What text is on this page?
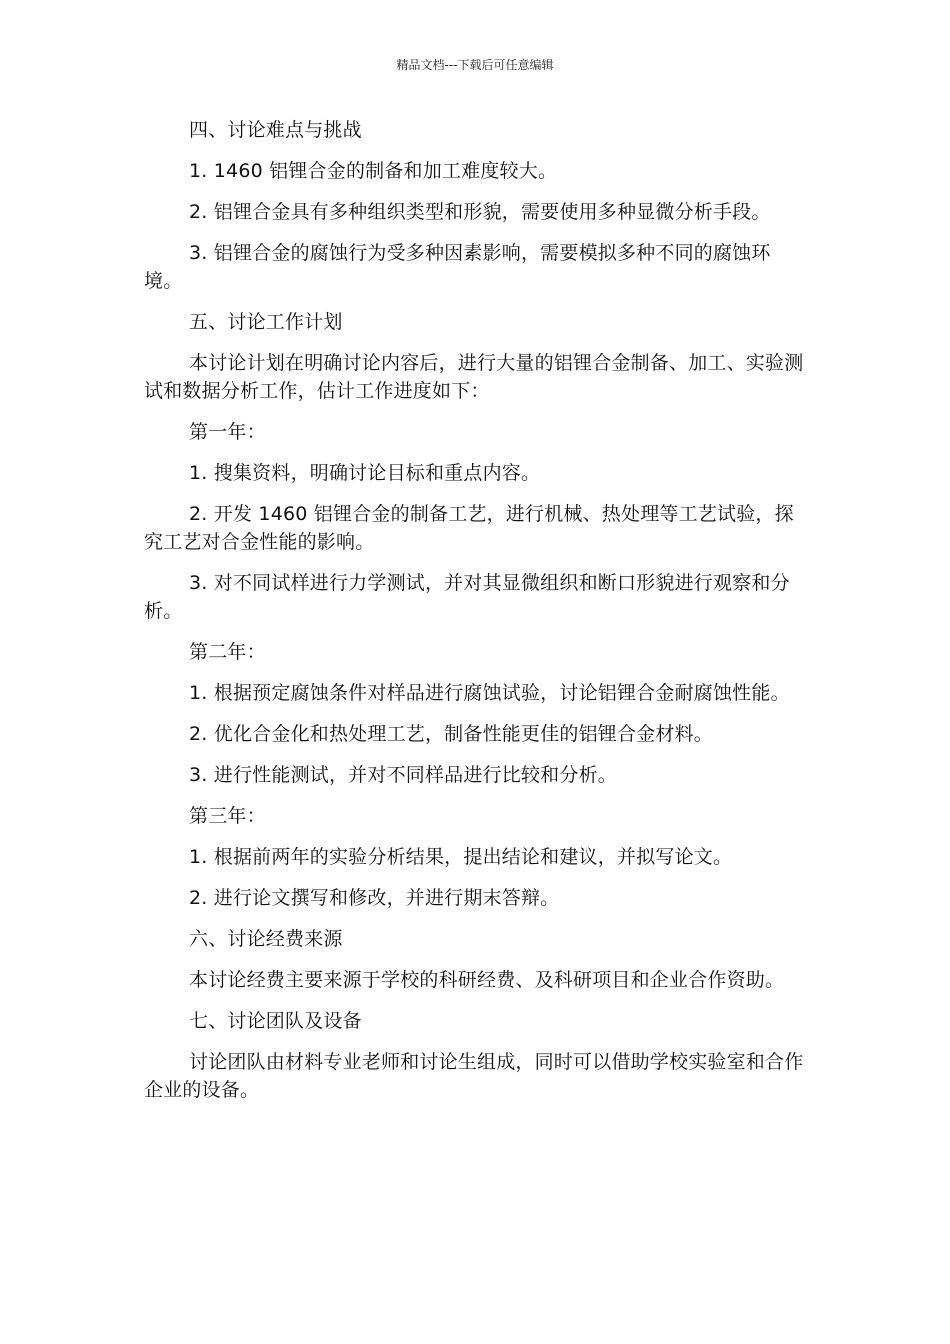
精品文档---下载后可任意编辑

四、讨论难点与挑战

1. 1460 铝锂合金的制备和加工难度较大。

2. 铝锂合金具有多种组织类型和形貌，需要使用多种显微分析手段。

3. 铝锂合金的腐蚀行为受多种因素影响，需要模拟多种不同的腐蚀环境。

五、讨论工作计划

本讨论计划在明确讨论内容后，进行大量的铝锂合金制备、加工、实验测试和数据分析工作，估计工作进度如下：

第一年：

1. 搜集资料，明确讨论目标和重点内容。

2. 开发 1460 铝锂合金的制备工艺，进行机械、热处理等工艺试验，探究工艺对合金性能的影响。

3. 对不同试样进行力学测试，并对其显微组织和断口形貌进行观察和分析。

第二年：

1. 根据预定腐蚀条件对样品进行腐蚀试验，讨论铝锂合金耐腐蚀性能。

2. 优化合金化和热处理工艺，制备性能更佳的铝锂合金材料。

3. 进行性能测试，并对不同样品进行比较和分析。

第三年：

1. 根据前两年的实验分析结果，提出结论和建议，并拟写论文。

2. 进行论文撰写和修改，并进行期末答辩。

六、讨论经费来源

本讨论经费主要来源于学校的科研经费、及科研项目和企业合作资助。

七、讨论团队及设备

讨论团队由材料专业老师和讨论生组成，同时可以借助学校实验室和合作企业的设备。
